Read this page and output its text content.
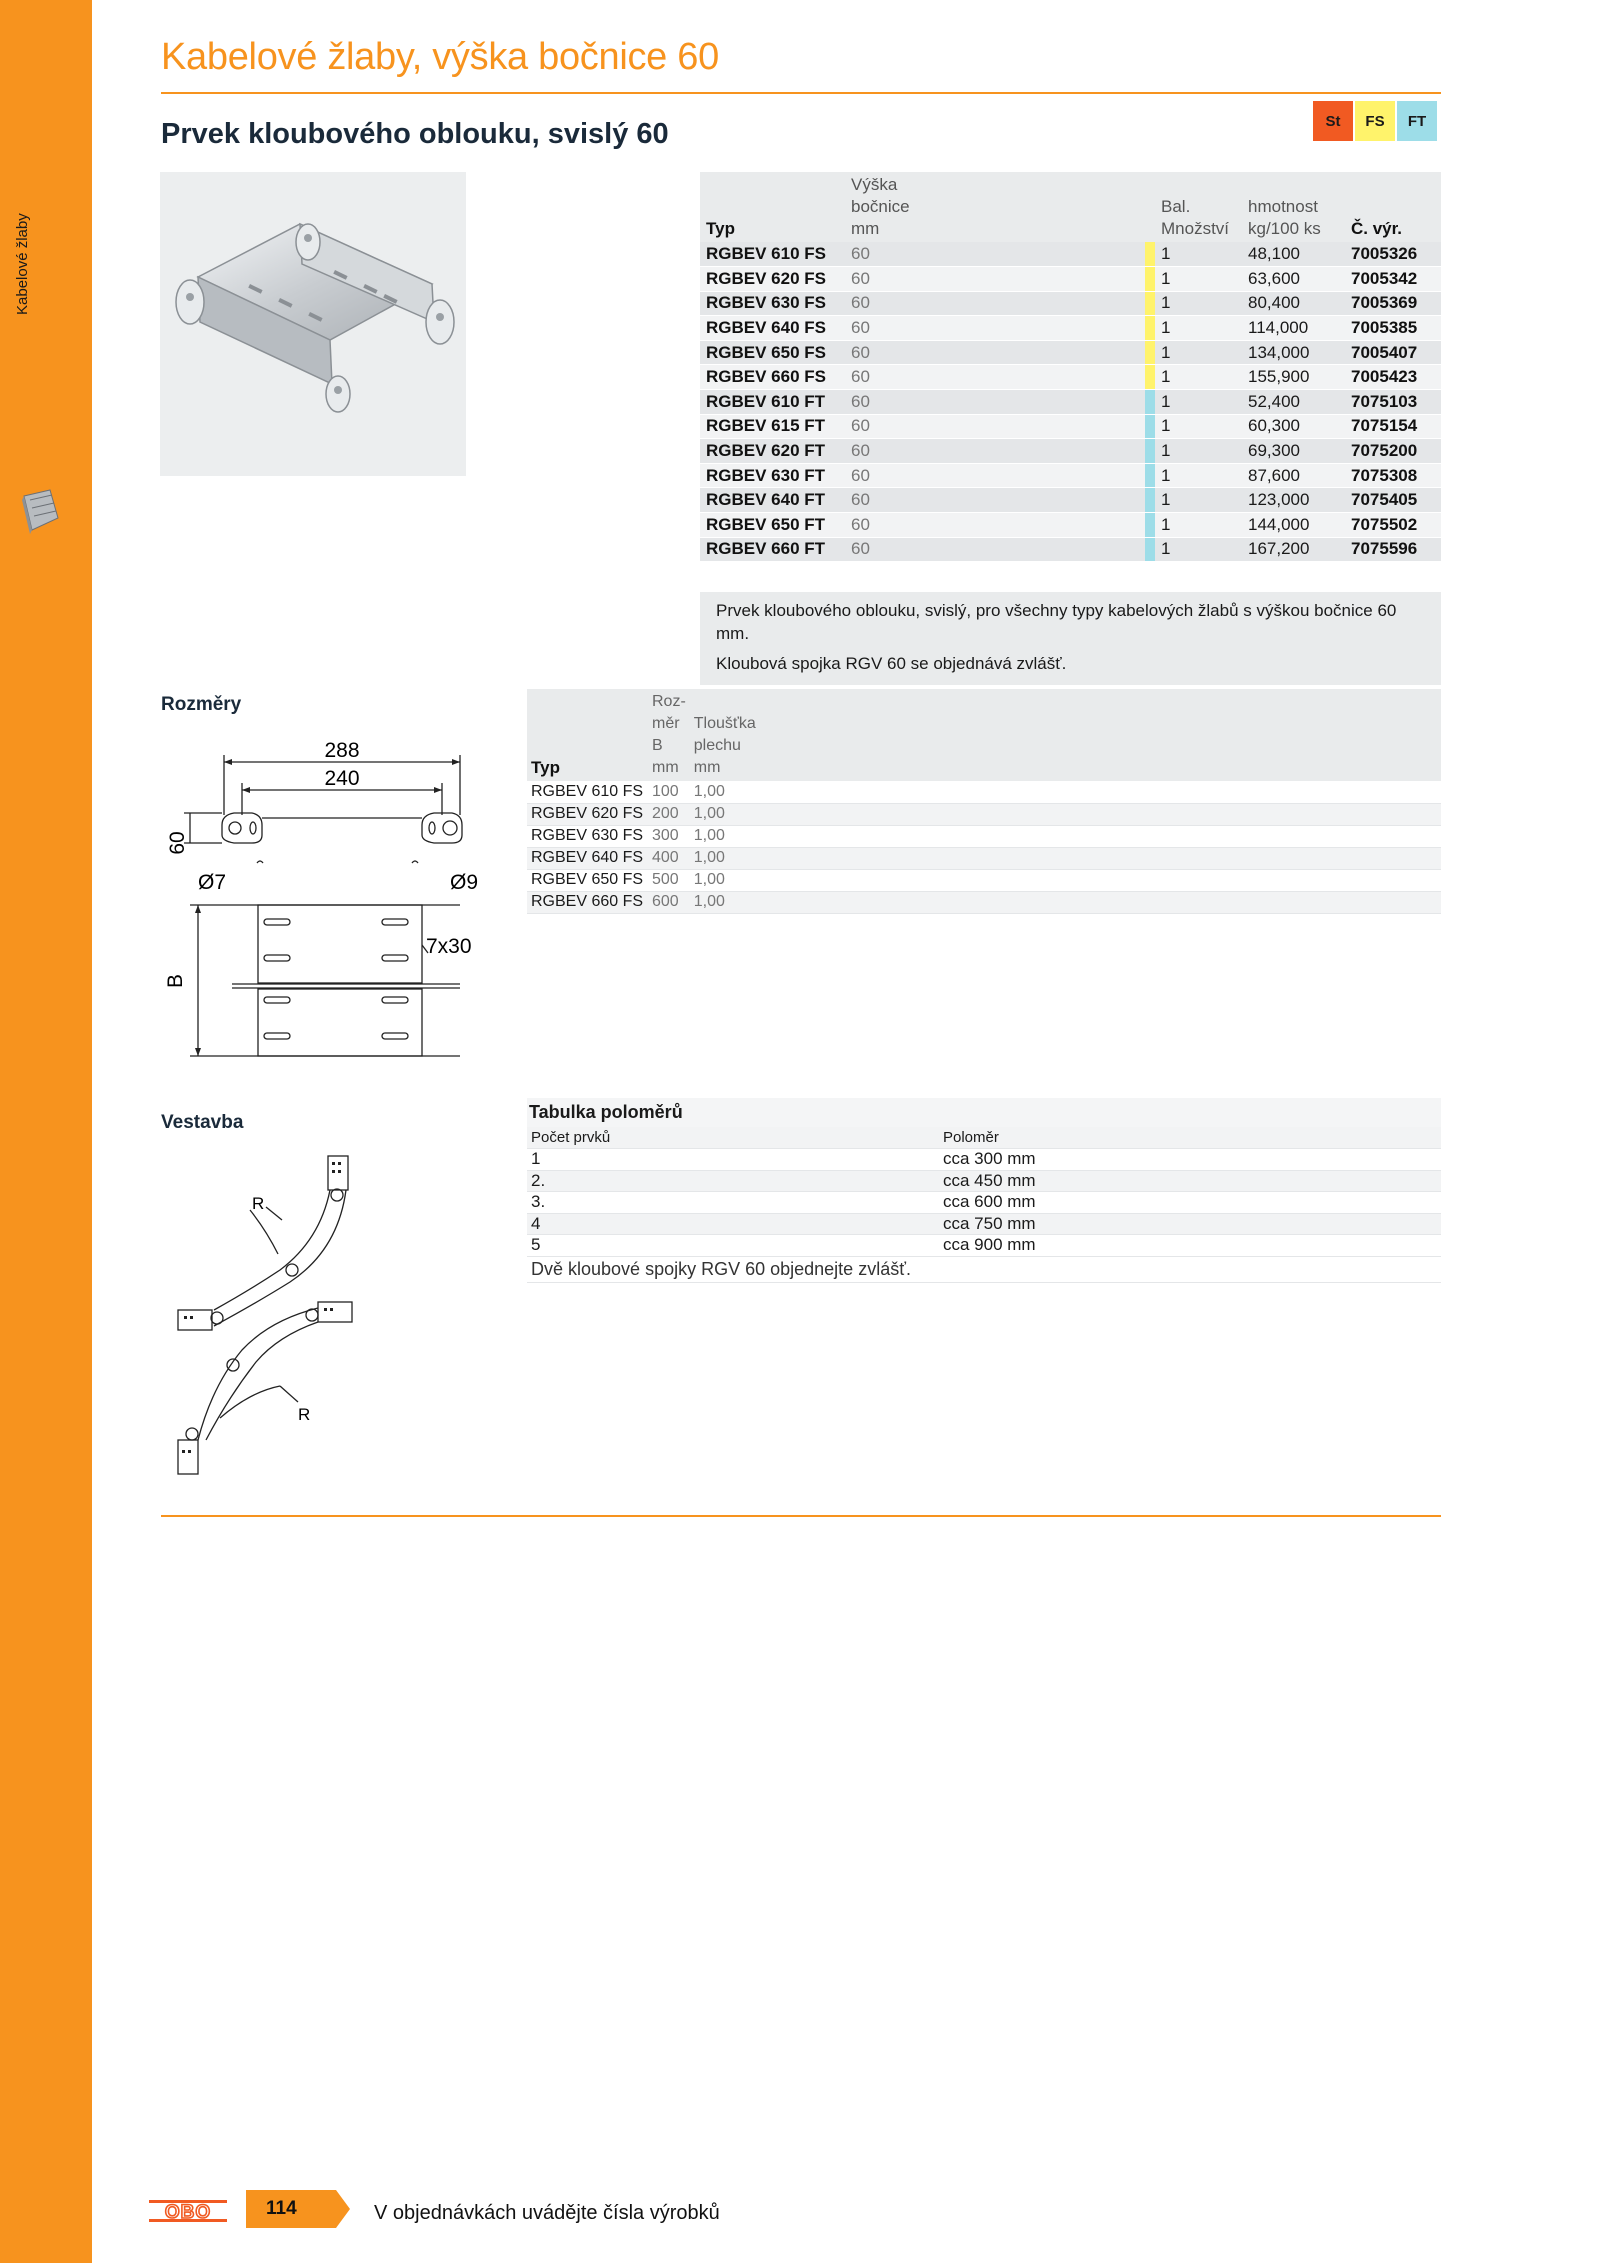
Kabelové žlaby
Kabelové žlaby, výška bočnice 60
Prvek kloubového oblouku, svislý 60	St	FS	FT
Typ	Výška
bočnice
mm			Bal.
Množství	hmotnost
kg/100 ks	Č. výr.
RGBEV 610 FS	60			1	48,100	7005326
RGBEV 620 FS	60			1	63,600	7005342
RGBEV 630 FS	60			1	80,400	7005369
RGBEV 640 FS	60			1	114,000	7005385
RGBEV 650 FS	60			1	134,000	7005407
RGBEV 660 FS	60			1	155,900	7005423
RGBEV 610 FT	60			1	52,400	7075103
RGBEV 615 FT	60			1	60,300	7075154
RGBEV 620 FT	60			1	69,300	7075200
RGBEV 630 FT	60			1	87,600	7075308
RGBEV 640 FT	60			1	123,000	7075405
RGBEV 650 FT	60			1	144,000	7075502
RGBEV 660 FT	60			1	167,200	7075596

Prvek kloubového oblouku, svislý, pro všechny typy kabelových žlabů s výškou bočnice 60 mm.

Kloubová spojka RGV 60 se objednává zvlášť.

Rozměry
288
240
60
Ø7	Ø9
7x30
B
Typ	Roz-
měr
B
mm	Tloušťka
plechu
mm
RGBEV 610 FS	100	1,00
RGBEV 620 FS	200	1,00
RGBEV 630 FS	300	1,00
RGBEV 640 FS	400	1,00
RGBEV 650 FS	500	1,00
RGBEV 660 FS	600	1,00
Vestavba
R
R
Tabulka poloměrů	
Počet prvků	Poloměr
1	cca 300 mm
2.	cca 450 mm
3.	cca 600 mm
4	cca 750 mm
5	cca 900 mm
Dvě kloubové spojky RGV 60 objednejte zvlášť.	
OBO	114	V objednávkách uvádějte čísla výrobků
